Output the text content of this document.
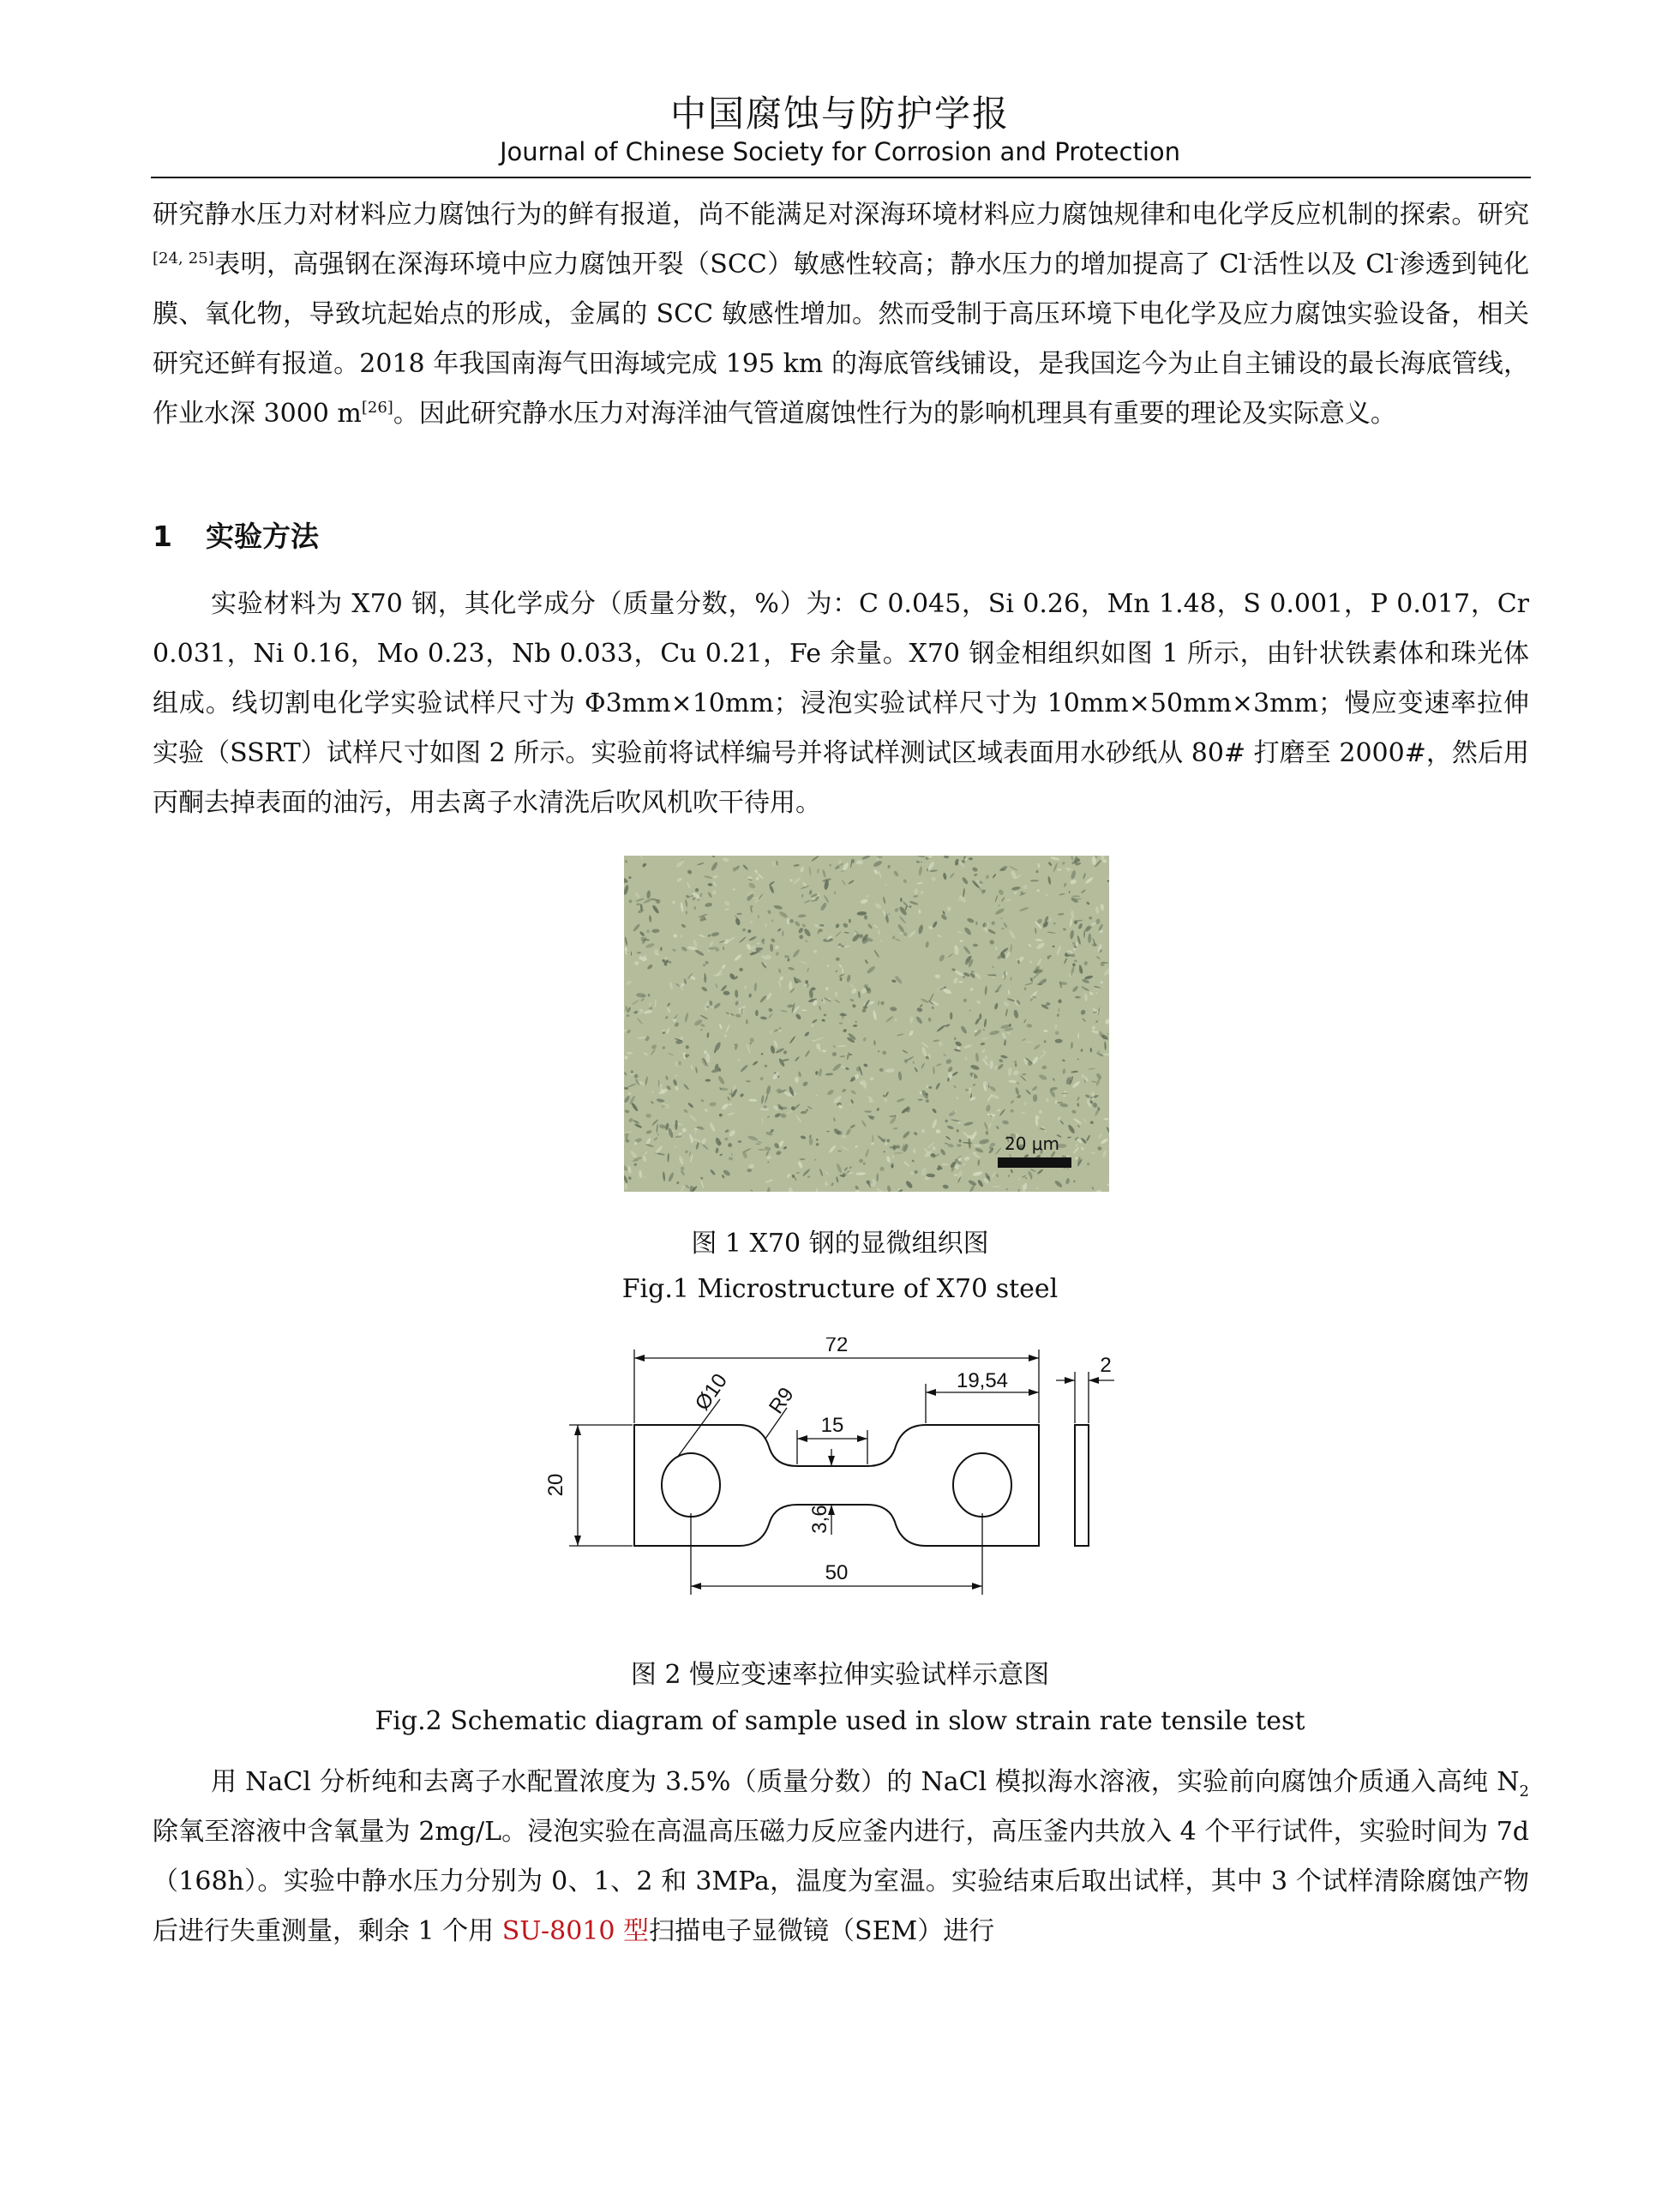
中国腐蚀与防护学报
Journal of Chinese Society for Corrosion and Protection

研究静水压力对材料应力腐蚀行为的鲜有报道，尚不能满足对深海环境材料应力腐蚀规律和电化学反应机制的探索。研究[24, 25]表明，高强钢在深海环境中应力腐蚀开裂（SCC）敏感性较高；静水压力的增加提高了 Cl-活性以及 Cl-渗透到钝化膜、氧化物，导致坑起始点的形成，金属的 SCC 敏感性增加。然而受制于高压环境下电化学及应力腐蚀实验设备，相关研究还鲜有报道。2018 年我国南海气田海域完成 195 km 的海底管线铺设，是我国迄今为止自主铺设的最长海底管线，作业水深 3000 m[26]。因此研究静水压力对海洋油气管道腐蚀性行为的影响机理具有重要的理论及实际意义。

1 实验方法

实验材料为 X70 钢，其化学成分（质量分数，%）为：C 0.045，Si 0.26，Mn 1.48，S 0.001，P 0.017，Cr 0.031，Ni 0.16，Mo 0.23，Nb 0.033，Cu 0.21，Fe 余量。X70 钢金相组织如图 1 所示，由针状铁素体和珠光体组成。线切割电化学实验试样尺寸为 Φ3mm×10mm；浸泡实验试样尺寸为 10mm×50mm×3mm；慢应变速率拉伸实验（SSRT）试样尺寸如图 2 所示。实验前将试样编号并将试样测试区域表面用水砂纸从 80# 打磨至 2000#，然后用丙酮去掉表面的油污，用去离子水清洗后吹风机吹干待用。

20 μm
图 1 X70 钢的显微组织图
Fig.1 Microstructure of X70 steel
72
19,54
2
15
20
3,6
50
Ø10 R9
图 2 慢应变速率拉伸实验试样示意图
Fig.2 Schematic diagram of sample used in slow strain rate tensile test

用 NaCl 分析纯和去离子水配置浓度为 3.5%（质量分数）的 NaCl 模拟海水溶液，实验前向腐蚀介质通入高纯 $N_2$ 除氧至溶液中含氧量为 2mg/L。浸泡实验在高温高压磁力反应釜内进行，高压釜内共放入 4 个平行试件，实验时间为 7d（168h）。实验中静水压力分别为 0、1、2 和 3MPa，温度为室温。实验结束后取出试样，其中 3 个试样清除腐蚀产物后进行失重测量，剩余 1 个用 SU-8010 型扫描电子显微镜（SEM）进行
